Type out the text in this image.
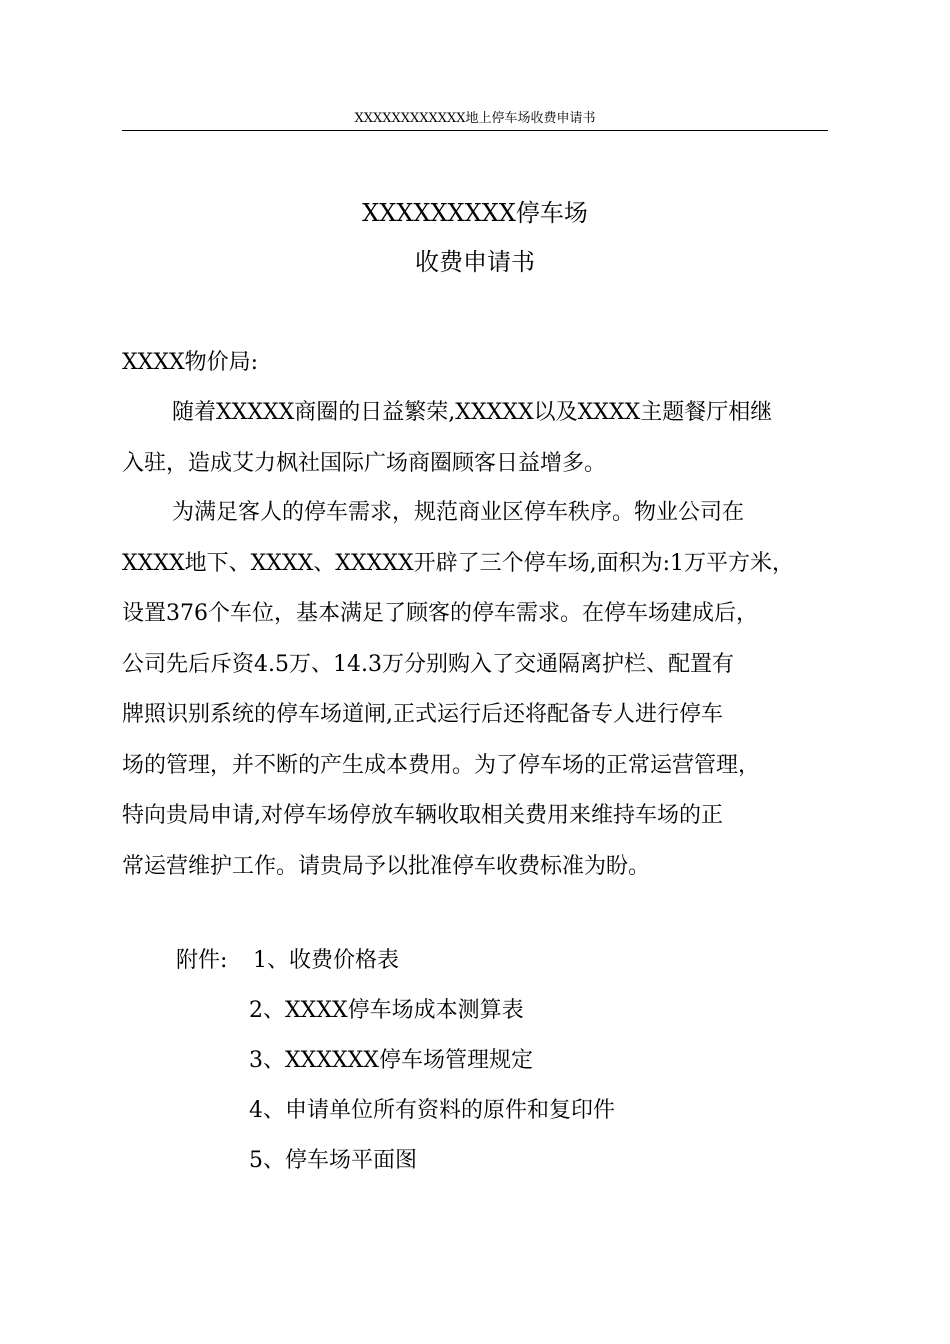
XXXXXXXXXXXX地上停车场收费申请书
XXXXXXXXX停车场
收费申请书
XXXX物价局:
随着XXXXX商圈的日益繁荣,XXXXX以及XXXX主题餐厅相继
入驻，造成艾力枫社国际广场商圈顾客日益增多。
为满足客人的停车需求，规范商业区停车秩序。物业公司在
XXXX地下、XXXX、XXXXX开辟了三个停车场,面积为:1万平方米，
设置376个车位，基本满足了顾客的停车需求。在停车场建成后，
公司先后斥资4.5万、14.3万分别购入了交通隔离护栏、配置有
牌照识别系统的停车场道闸,正式运行后还将配备专人进行停车
场的管理，并不断的产生成本费用。为了停车场的正常运营管理，
特向贵局申请,对停车场停放车辆收取相关费用来维持车场的正
常运营维护工作。请贵局予以批准停车收费标准为盼。
附件: 1、收费价格表
2、XXXX停车场成本测算表
3、XXXXXX停车场管理规定
4、申请单位所有资料的原件和复印件
5、停车场平面图
